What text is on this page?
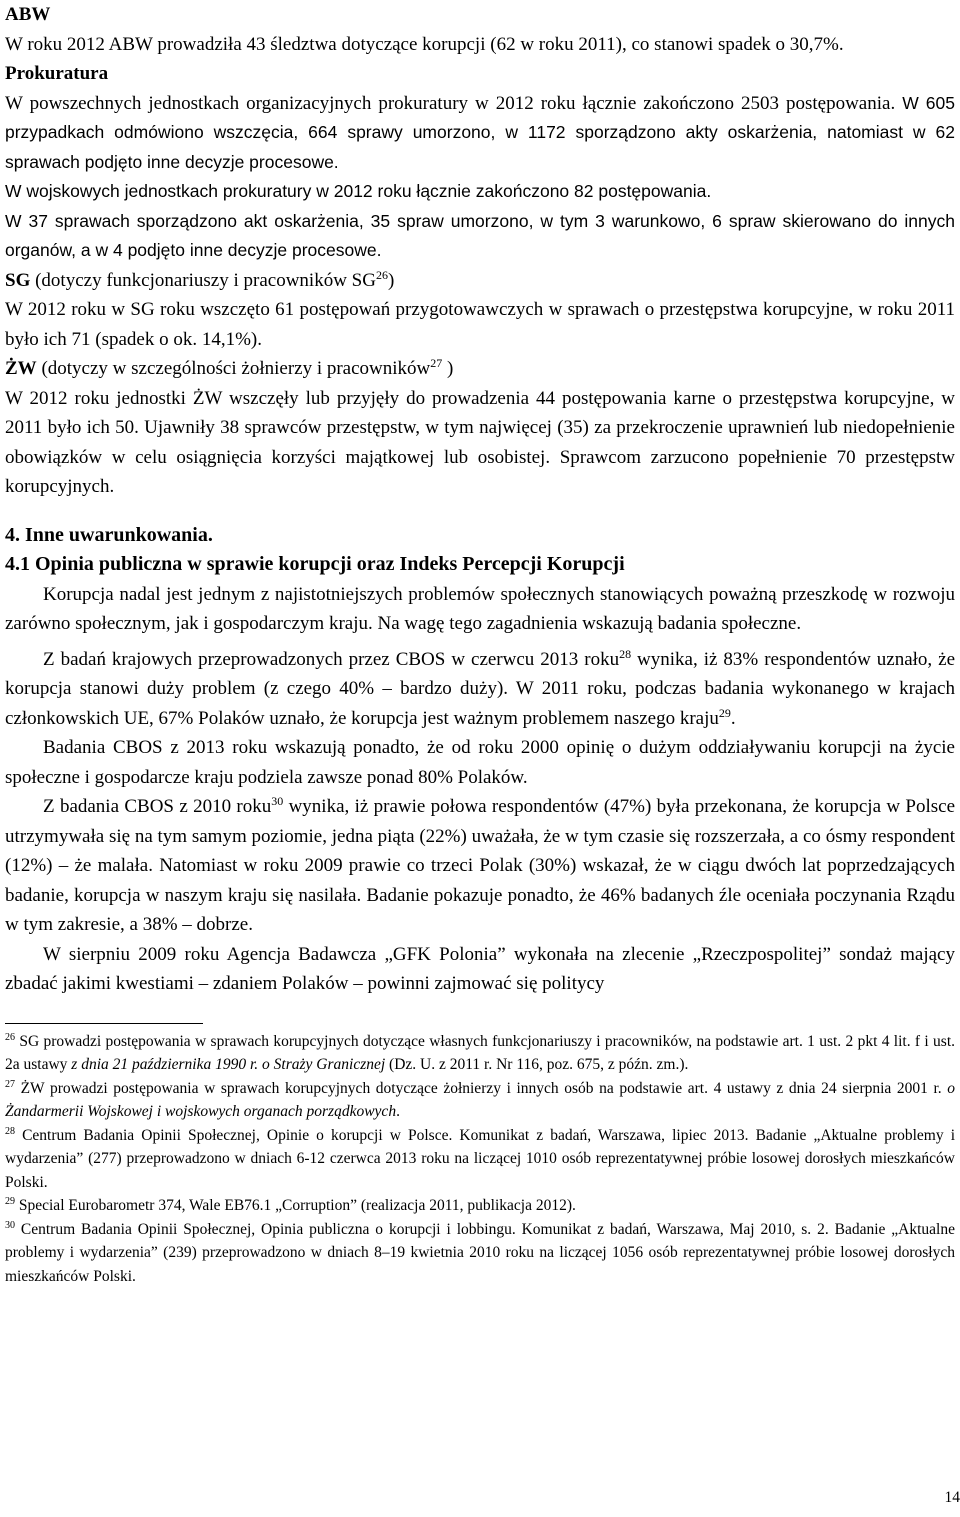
ABW

W roku 2012 ABW prowadziła 43 śledztwa dotyczące korupcji (62 w roku 2011), co stanowi spadek o 30,7%.

Prokuratura

W powszechnych jednostkach organizacyjnych prokuratury w 2012 roku łącznie zakończono 2503 postępowania. W 605 przypadkach odmówiono wszczęcia, 664 sprawy umorzono, w 1172 sporządzono akty oskarżenia, natomiast w 62 sprawach podjęto inne decyzje procesowe.

W wojskowych jednostkach prokuratury w 2012 roku łącznie zakończono 82 postępowania.

W 37 sprawach sporządzono akt oskarżenia, 35 spraw umorzono, w tym 3 warunkowo, 6 spraw skierowano do innych organów, a w 4 podjęto inne decyzje procesowe.

SG (dotyczy funkcjonariuszy i pracowników SG$^{26}$)

W 2012 roku w SG roku wszczęto 61 postępowań przygotowawczych w sprawach o przestępstwa korupcyjne, w roku 2011 było ich 71 (spadek o ok. 14,1%).

ŻW (dotyczy w szczególności żołnierzy i pracowników$^{27}$ )

W 2012 roku jednostki ŻW wszczęły lub przyjęły do prowadzenia 44 postępowania karne o przestępstwa korupcyjne, w 2011 było ich 50. Ujawniły 38 sprawców przestępstw, w tym najwięcej (35) za przekroczenie uprawnień lub niedopełnienie obowiązków w celu osiągnięcia korzyści majątkowej lub osobistej. Sprawcom zarzucono popełnienie 70 przestępstw korupcyjnych.

4. Inne uwarunkowania.

4.1 Opinia publiczna w sprawie korupcji oraz Indeks Percepcji Korupcji

Korupcja nadal jest jednym z najistotniejszych problemów społecznych stanowiących poważną przeszkodę w rozwoju zarówno społecznym, jak i gospodarczym kraju. Na wagę tego zagadnienia wskazują badania społeczne.

Z badań krajowych przeprowadzonych przez CBOS w czerwcu 2013 roku$^{28}$ wynika, iż 83% respondentów uznało, że korupcja stanowi duży problem (z czego 40% – bardzo duży). W 2011 roku, podczas badania wykonanego w krajach członkowskich UE, 67% Polaków uznało, że korupcja jest ważnym problemem naszego kraju$^{29}$.

Badania CBOS z 2013 roku wskazują ponadto, że od roku 2000 opinię o dużym oddziaływaniu korupcji na życie społeczne i gospodarcze kraju podziela zawsze ponad 80% Polaków.

Z badania CBOS z 2010 roku$^{30}$ wynika, iż prawie połowa respondentów (47%) była przekonana, że korupcja w Polsce utrzymywała się na tym samym poziomie, jedna piąta (22%) uważała, że w tym czasie się rozszerzała, a co ósmy respondent (12%) – że malała. Natomiast w roku 2009 prawie co trzeci Polak (30%) wskazał, że w ciągu dwóch lat poprzedzających badanie, korupcja w naszym kraju się nasilała. Badanie pokazuje ponadto, że 46% badanych źle oceniała poczynania Rządu w tym zakresie, a 38% – dobrze.

W sierpniu 2009 roku Agencja Badawcza „GFK Polonia” wykonała na zlecenie „Rzeczpospolitej” sondaż mający zbadać jakimi kwestiami – zdaniem Polaków – powinni zajmować się politycy

$^{26}$ SG prowadzi postępowania w sprawach korupcyjnych dotyczące własnych funkcjonariuszy i pracowników, na podstawie art. 1 ust. 2 pkt 4 lit. f i ust. 2a ustawy z dnia 21 października 1990 r. o Straży Granicznej (Dz. U. z 2011 r. Nr 116, poz. 675, z późn. zm.).

$^{27}$ ŻW prowadzi postępowania w sprawach korupcyjnych dotyczące żołnierzy i innych osób na podstawie art. 4 ustawy z dnia 24 sierpnia 2001 r. o Żandarmerii Wojskowej i wojskowych organach porządkowych.

$^{28}$ Centrum Badania Opinii Społecznej, Opinie o korupcji w Polsce. Komunikat z badań, Warszawa, lipiec 2013. Badanie „Aktualne problemy i wydarzenia” (277) przeprowadzono w dniach 6-12 czerwca 2013 roku na liczącej 1010 osób reprezentatywnej próbie losowej dorosłych mieszkańców Polski.

$^{29}$ Special Eurobarometr 374, Wale EB76.1 „Corruption” (realizacja 2011, publikacja 2012).

$^{30}$ Centrum Badania Opinii Społecznej, Opinia publiczna o korupcji i lobbingu. Komunikat z badań, Warszawa, Maj 2010, s. 2. Badanie „Aktualne problemy i wydarzenia” (239) przeprowadzono w dniach 8–19 kwietnia 2010 roku na liczącej 1056 osób reprezentatywnej próbie losowej dorosłych mieszkańców Polski.

14
